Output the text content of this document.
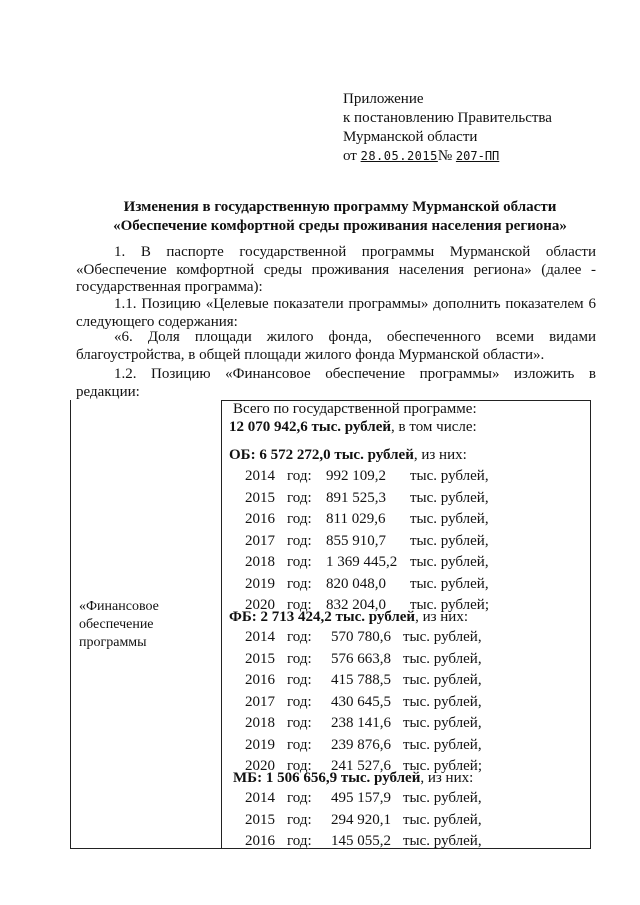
Приложение
к постановлению Правительства
Мурманской области
от 28.05.2015№ 207-ПП
Изменения в государственную программу Мурманской области
«Обеспечение комфортной среды проживания населения региона»
1. В паспорте государственной программы Мурманской области «Обеспечение комфортной среды проживания населения региона» (далее - государственная программа):
1.1. Позицию «Целевые показатели программы» дополнить показателем 6 следующего содержания:
«6. Доля площади жилого фонда, обеспеченного всеми видами благоустройства, в общей площади жилого фонда Мурманской области».
1.2. Позицию «Финансовое обеспечение программы» изложить в редакции:
«Финансовое обеспечение программы
Всего по государственной программе:
12 070 942,6 тыс. рублей, в том числе:
ОБ: 6 572 272,0 тыс. рублей, из них:
2014 год: 992 109,2 тыс. рублей,
2015 год: 891 525,3 тыс. рублей,
2016 год: 811 029,6 тыс. рублей,
2017 год: 855 910,7 тыс. рублей,
2018 год: 1 369 445,2 тыс. рублей,
2019 год: 820 048,0 тыс. рублей,
2020 год: 832 204,0 тыс. рублей;
ФБ: 2 713 424,2 тыс. рублей, из них:
2014 год: 570 780,6 тыс. рублей,
2015 год: 576 663,8 тыс. рублей,
2016 год: 415 788,5 тыс. рублей,
2017 год: 430 645,5 тыс. рублей,
2018 год: 238 141,6 тыс. рублей,
2019 год: 239 876,6 тыс. рублей,
2020 год: 241 527,6 тыс. рублей;
МБ: 1 506 656,9 тыс. рублей, из них:
2014 год: 495 157,9 тыс. рублей,
2015 год: 294 920,1 тыс. рублей,
2016 год: 145 055,2 тыс. рублей,
